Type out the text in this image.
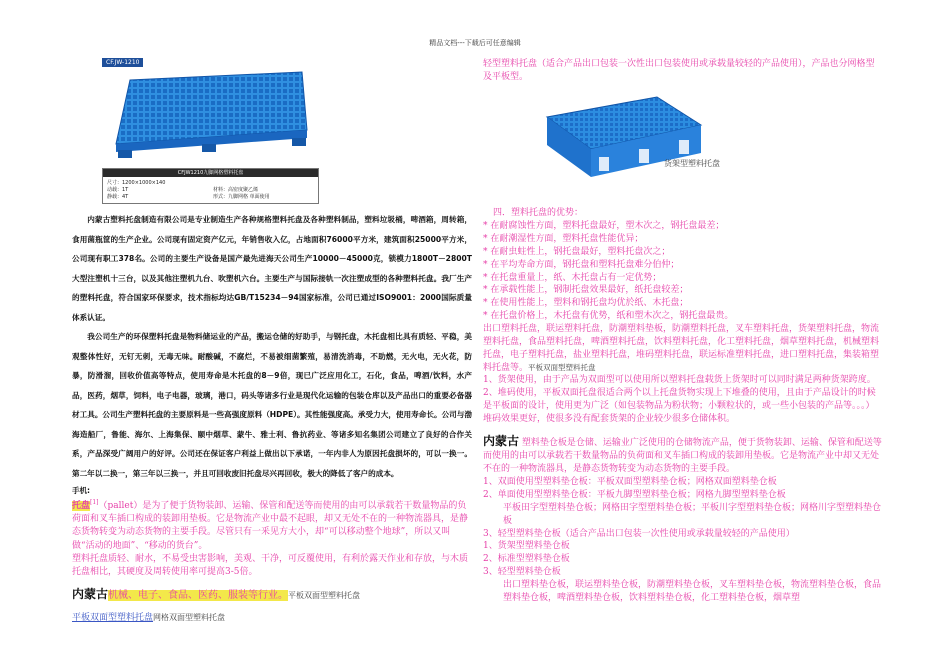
精品文档---下载后可任意编辑
CF.JW-1210
CFJW1210九脚网格塑料托盘
尺寸：1200×1000×140
动载：1T
静载：4T
材料：高密度聚乙烯
形式：九脚网格 单面使用

内蒙古塑料托盘制造有限公司是专业制造生产各种规格塑料托盘及各种塑料制品，塑料垃圾桶，啤酒箱，周转箱，食用菌瓶筐的生产企业。公司现有固定资产亿元，年销售收入亿，占地面积76000平方米，建筑面积25000平方米，公司现有职工378名。公司的主要生产设备是国产最先进海天公司生产10000－45000克，锁模力1800T－2800T大型注塑机十三台，以及其他注塑机九台、吹塑机六台。主要生产与国际接轨一次注塑成型的各种塑料托盘。我厂生产的塑料托盘，符合国家环保要求，技术指标均达GB/T15234－94国家标准，公司已通过ISO9001：2000国际质量体系认证。

我公司生产的环保塑料托盘是物料储运业的产品，搬运仓储的好助手，与钢托盘，木托盘相比具有质轻、平稳，美观整体性好，无钉无刺，无毒无味。耐酸碱，不腐烂，不易被细菌繁殖，易清洗消毒，不助燃，无火电，无火花，防暴，防滑溜，回收价值高等特点，使用寿命是木托盘的8－9倍，现已广泛应用化工，石化，食品，啤酒/饮料，水产品，医药，烟草，饲料，电子电器，玻璃，港口，码头等诸多行业是现代化运输的包装仓库以及产品出口的重要必备器材工具。公司生产塑料托盘的主要原料是一些高强度原料（HDPE）。其性能强度高。承受力大，使用寿命长。公司与渤海造船厂，鲁能、海尔、上海集保、颐中烟草、蒙牛、雅士利、鲁抗药业、等诸多知名集团公司建立了良好的合作关系，产品深受广阔用户的好评。公司还在保证客户利益上做出以下承诺，一年内非人为原因托盘损坏的，可以一换一。第二年以二换一，第三年以三换一，并且可回收废旧托盘尽兴再回收，极大的降低了客户的成本。

手机:
托盘[1]（pallet）是为了便于货物装卸、运输、保管和配送等而使用的由可以承载若干数量物品的负荷面和叉车插口构成的装卸用垫板。它是物流产业中最不起眼，却又无处不在的一种物流器具，是静态货物转变为动态货物的主要手段。尽管只有一釆见方大小，却“可以移动整个地球”，所以又叫做“活动的地面”、“移动的货台”。
塑料托盘质轻、耐水，不易受虫害影响，美观、干净，可反覆使用，有利於露天作业和存放，与木质托盘相比，其硬度及周转使用率可提高3-5倍。
内蒙古机械、电子、食品、医药、服装等行业。平板双面型塑料托盘
平板双面型塑料托盘网格双面型塑料托盘
轻型塑料托盘（适合产品出口包装一次性出口包装使用或承载量较轻的产品使用），产品也分网格型及平板型。
四．塑料托盘的优势：
* 在耐腐蚀性方面，塑料托盘最好，塑木次之，钢托盘最差；
* 在耐潮湿性方面，塑料托盘性能优异；
* 在耐虫蛀性上，钢托盘最好，塑料托盘次之；
* 在平均寿命方面，钢托盘和塑料托盘难分伯仲；
* 在托盘重量上，纸、木托盘占有一定优势；
* 在承载性能上，钢制托盘效果最好，纸托盘较差；
* 在使用性能上，塑料和钢托盘均优於纸、木托盘；
* 在托盘价格上，木托盘有优势，纸和塑木次之，钢托盘最贵。
出口塑料托盘，联运塑料托盘，防潮塑料垫板，防潮塑料托盘，叉车塑料托盘，货架塑料托盘，物流塑料托盘，食品塑料托盘，啤酒塑料托盘，饮料塑料托盘，化工塑料托盘，烟草塑料托盘，机械塑料托盘，电子塑料托盘，盐业塑料托盘，堆码塑料托盘，联运标准塑料托盘，进口塑料托盘，集装箱塑料托盘等。平板双面型塑料托盘
1、货架使用，由于产品为双面型可以使用所以塑料托盘载货上货架时可以同时满足两种货架跨度。
2、堆码使用，平板双面托盘很适合两个以上托盘货物实现上下堆叠的使用，且由于产品设计的时候是平板面的设计，使用更为广泛（如包装物品为粉状物；小颗粒状的，或一些小包装的产品等。。。）堆码效果更好，使很多没有配套货架的企业较少很多仓储体积。
内蒙古 塑料垫仓板是仓储、运输业广泛使用的仓储物流产品，便于货物装卸、运输、保管和配送等而使用的由可以承载若干数量物品的负荷面和叉车插口构成的装卸用垫板。它是物流产业中却又无处不在的一种物流器具，是静态货物转变为动态货物的主要手段。
1、双面使用型塑料垫仓板：平板双面型塑料垫仓板；网格双面塑料垫仓板
2、单面使用型塑料垫仓板：平板九脚型塑料垫仓板；网格九脚型塑料垫仓板
平板田字型塑料垫仓板；网格田字型塑料垫仓板；平板川字型塑料垫仓板；网格川字型塑料垫仓板
3、轻型塑料垫仓板（适合产品出口包装一次性使用或承载量较轻的产品使用）
1、货架型塑料垫仓板
2、标准型塑料垫仓板
3、轻型塑料垫仓板
出口塑料垫仓板，联运塑料垫仓板，防潮塑料垫仓板，叉车塑料垫仓板，物流塑料垫仓板，食品塑料垫仓板，啤酒塑料垫仓板，饮料塑料垫仓板，化工塑料垫仓板，烟草塑
货架型塑料托盘
